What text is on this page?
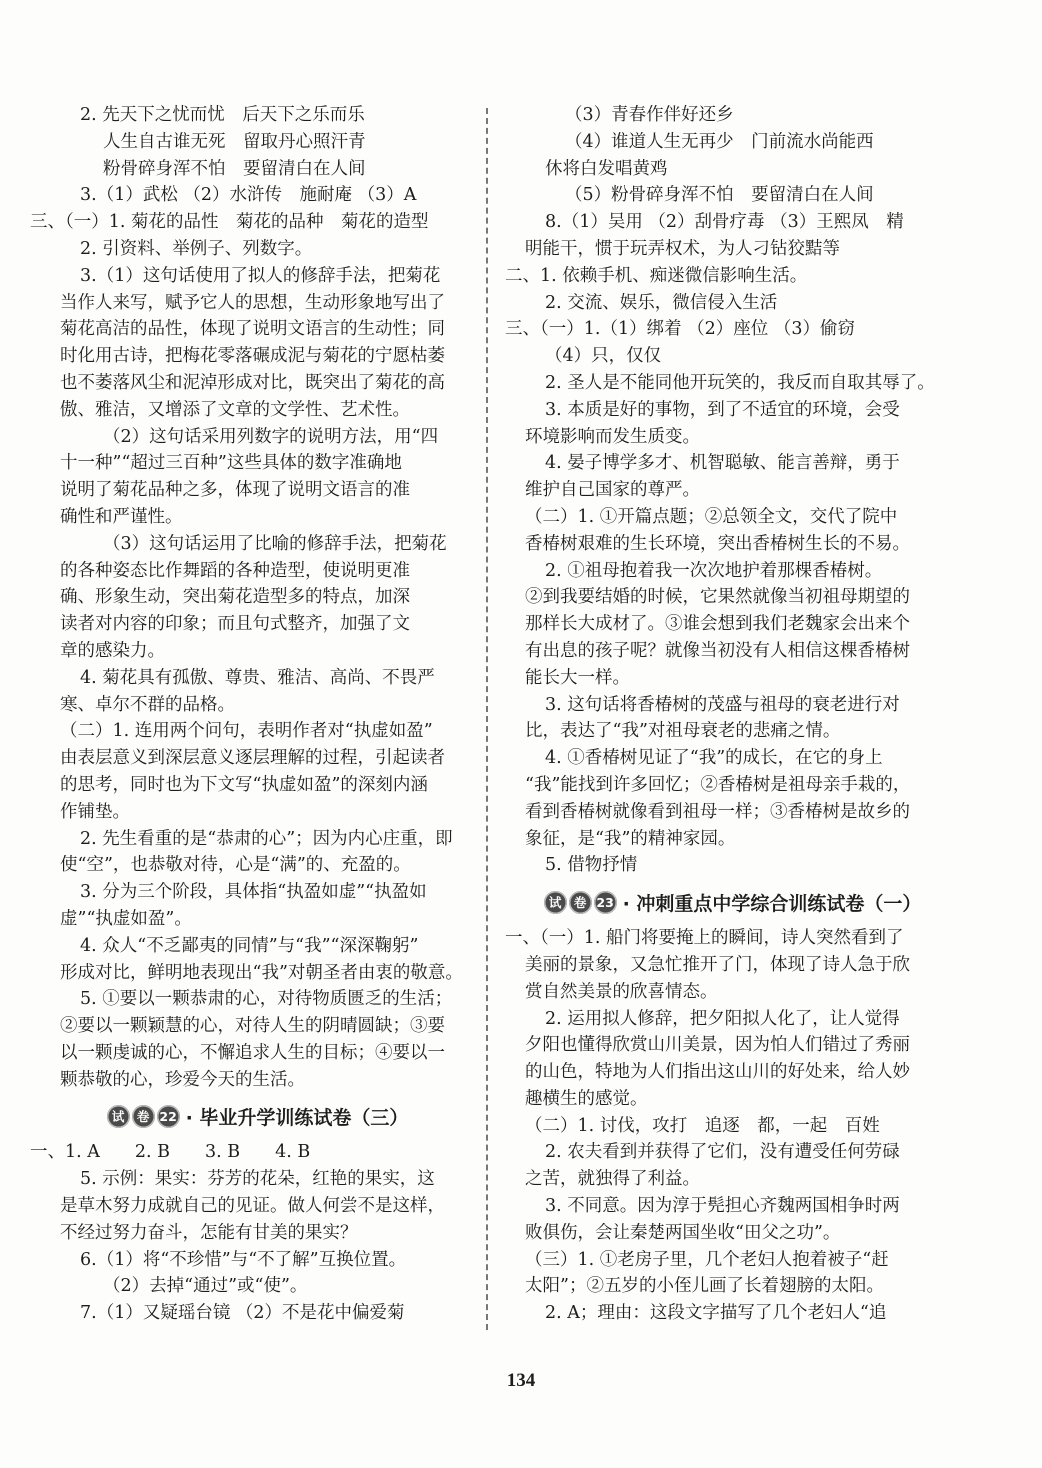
2. 先天下之忧而忧　后天下之乐而乐
人生自古谁无死　留取丹心照汗青
粉骨碎身浑不怕　要留清白在人间
3.（1）武松 （2）水浒传　施耐庵 （3）A
三、（一）1. 菊花的品性　菊花的品种　菊花的造型
2. 引资料、举例子、列数字。
3.（1）这句话使用了拟人的修辞手法，把菊花
当作人来写，赋予它人的思想，生动形象地写出了
菊花高洁的品性，体现了说明文语言的生动性；同
时化用古诗，把梅花零落碾成泥与菊花的宁愿枯萎
也不萎落风尘和泥淖形成对比，既突出了菊花的高
傲、雅洁，又增添了文章的文学性、艺术性。
（2）这句话采用列数字的说明方法，用“四
十一种”“超过三百种”这些具体的数字准确地
说明了菊花品种之多，体现了说明文语言的准
确性和严谨性。
（3）这句话运用了比喻的修辞手法，把菊花
的各种姿态比作舞蹈的各种造型，使说明更准
确、形象生动，突出菊花造型多的特点，加深
读者对内容的印象；而且句式整齐，加强了文
章的感染力。
4. 菊花具有孤傲、尊贵、雅洁、高尚、不畏严
寒、卓尔不群的品格。
（二）1. 连用两个问句，表明作者对“执虚如盈”
由表层意义到深层意义逐层理解的过程，引起读者
的思考，同时也为下文写“执虚如盈”的深刻内涵
作铺垫。
2. 先生看重的是“恭肃的心”；因为内心庄重，即
使“空”，也恭敬对待，心是“满”的、充盈的。
3. 分为三个阶段，具体指“执盈如虚”“执盈如
虚”“执虚如盈”。
4. 众人“不乏鄙夷的同情”与“我”“深深鞠躬”
形成对比，鲜明地表现出“我”对朝圣者由衷的敬意。
5. ①要以一颗恭肃的心，对待物质匮乏的生活；
②要以一颗颖慧的心，对待人生的阴晴圆缺；③要
以一颗虔诚的心，不懈追求人生的目标；④要以一
颗恭敬的心，珍爱今天的生活。
试 卷 22 · 毕业升学训练试卷（三）
一、1. A　　2. B　　3. B　　4. B
5. 示例：果实：芬芳的花朵，红艳的果实，这
是草木努力成就自己的见证。做人何尝不是这样，
不经过努力奋斗，怎能有甘美的果实？
6.（1）将“不珍惜”与“不了解”互换位置。
（2）去掉“通过”或“使”。
7.（1）又疑瑶台镜 （2）不是花中偏爱菊
（3）青春作伴好还乡
（4）谁道人生无再少　门前流水尚能西
休将白发唱黄鸡
（5）粉骨碎身浑不怕　要留清白在人间
8.（1）吴用 （2）刮骨疗毒 （3）王熙凤　精
明能干，惯于玩弄权术，为人刁钻狡黠等
二、1. 依赖手机、痴迷微信影响生活。
2. 交流、娱乐，微信侵入生活
三、（一）1.（1）绑着 （2）座位 （3）偷窃
（4）只，仅仅
2. 圣人是不能同他开玩笑的，我反而自取其辱了。
3. 本质是好的事物，到了不适宜的环境，会受
环境影响而发生质变。
4. 晏子博学多才、机智聪敏、能言善辩，勇于
维护自己国家的尊严。
（二）1. ①开篇点题；②总领全文，交代了院中
香椿树艰难的生长环境，突出香椿树生长的不易。
2. ①祖母抱着我一次次地护着那棵香椿树。
②到我要结婚的时候，它果然就像当初祖母期望的
那样长大成材了。③谁会想到我们老魏家会出来个
有出息的孩子呢？就像当初没有人相信这棵香椿树
能长大一样。
3. 这句话将香椿树的茂盛与祖母的衰老进行对
比，表达了“我”对祖母衰老的悲痛之情。
4. ①香椿树见证了“我”的成长，在它的身上
“我”能找到许多回忆；②香椿树是祖母亲手栽的，
看到香椿树就像看到祖母一样；③香椿树是故乡的
象征，是“我”的精神家园。
5. 借物抒情
试 卷 23 · 冲刺重点中学综合训练试卷（一）
一、（一）1. 船门将要掩上的瞬间，诗人突然看到了
美丽的景象，又急忙推开了门，体现了诗人急于欣
赏自然美景的欣喜情态。
2. 运用拟人修辞，把夕阳拟人化了，让人觉得
夕阳也懂得欣赏山川美景，因为怕人们错过了秀丽
的山色，特地为人们指出这山川的好处来，给人妙
趣横生的感觉。
（二）1. 讨伐，攻打　追逐　都，一起　百姓
2. 农夫看到并获得了它们，没有遭受任何劳碌
之苦，就独得了利益。
3. 不同意。因为淳于髡担心齐魏两国相争时两
败俱伤，会让秦楚两国坐收“田父之功”。
（三）1. ①老房子里，几个老妇人抱着被子“赶
太阳”；②五岁的小侄儿画了长着翅膀的太阳。
2. A；理由：这段文字描写了几个老妇人“追
134
